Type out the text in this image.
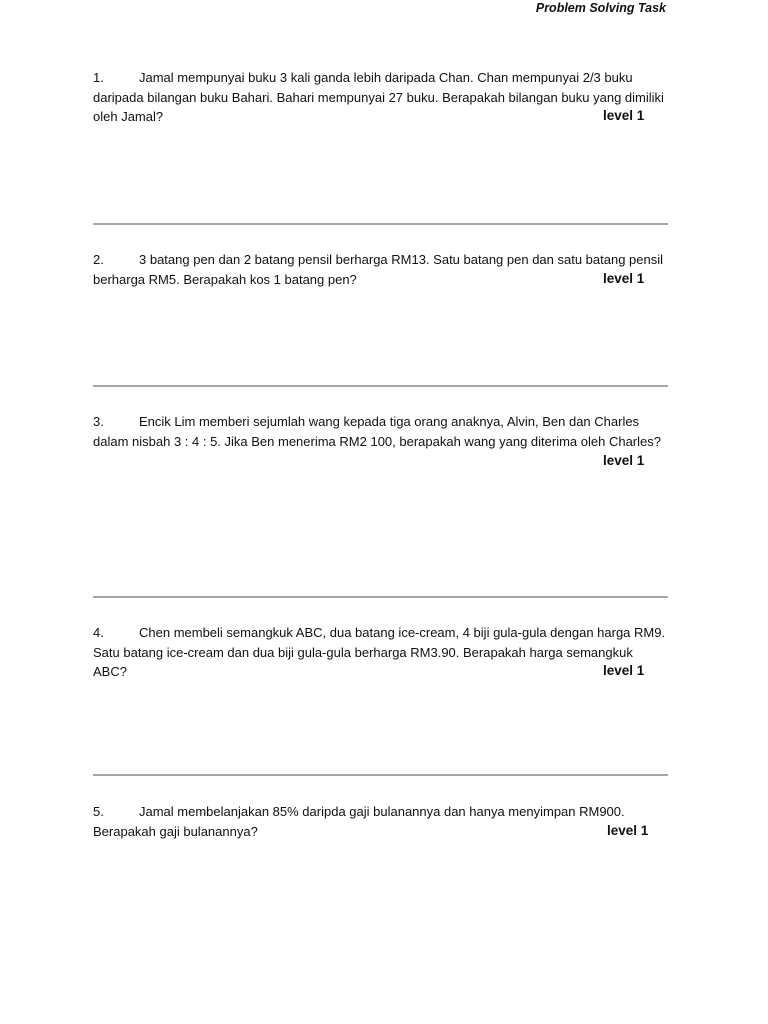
Problem Solving Task

1.	Jamal mempunyai buku 3 kali ganda lebih daripada Chan. Chan mempunyai 2/3 buku daripada bilangan buku Bahari. Bahari mempunyai 27 buku. Berapakah bilangan buku yang dimiliki oleh Jamal?	level 1

2.	3 batang pen dan 2 batang pensil berharga RM13. Satu batang pen dan satu batang pensil berharga RM5. Berapakah kos 1 batang pen?	level 1

3.	Encik Lim memberi sejumlah wang kepada tiga orang anaknya, Alvin, Ben dan Charles dalam nisbah 3 : 4 : 5. Jika Ben menerima RM2 100, berapakah wang yang diterima oleh Charles?

level 1

4.	Chen membeli semangkuk ABC, dua batang ice-cream, 4 biji gula-gula dengan harga RM9. Satu batang ice-cream dan dua biji gula-gula berharga RM3.90. Berapakah harga semangkuk ABC?	level 1

5.	Jamal membelanjakan 85% daripda gaji bulanannya dan hanya menyimpan RM900. Berapakah gaji bulanannya?	level 1
